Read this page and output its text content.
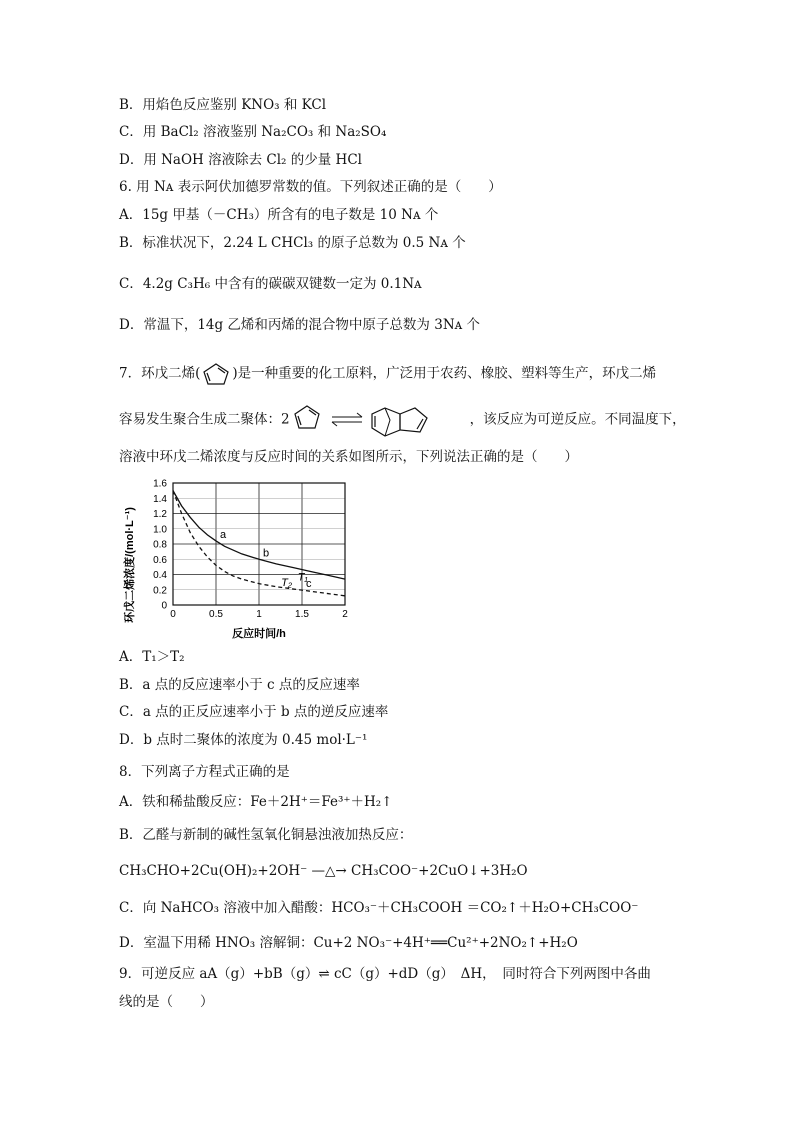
B．用焰色反应鉴别 KNO₃ 和 KCl
C．用 BaCl₂ 溶液鉴别 Na₂CO₃ 和 Na₂SO₄
D．用 NaOH 溶液除去 Cl₂ 的少量 HCl
6. 用 Nᴀ 表示阿伏加德罗常数的值。下列叙述正确的是（　　）
A．15g 甲基（－CH₃）所含有的电子数是 10 Nᴀ 个
B．标准状况下，2.24 L CHCl₃ 的原子总数为 0.5 Nᴀ 个
C．4.2g C₃H₆ 中含有的碳碳双键数一定为 0.1Nᴀ
D．常温下，14g 乙烯和丙烯的混合物中原子总数为 3Nᴀ 个
7．环戊二烯( )是一种重要的化工原料，广泛用于农药、橡胶、塑料等生产，环戊二烯
容易发生聚合生成二聚体：2	，该反应为可逆反应。不同温度下，
溶液中环戊二烯浓度与反应时间的关系如图所示，下列说法正确的是（　　）
0	0.5	1	1.5	2
0
0.2
0.4
0.6
0.8
1.0
1.2
1.4
1.6
a
b
c
T₁
T₂
环戊二烯浓度/(mol·L⁻¹)
反应时间/h
A．T₁＞T₂
B．a 点的反应速率小于 c 点的反应速率
C．a 点的正反应速率小于 b 点的逆反应速率
D．b 点时二聚体的浓度为 0.45 mol·L⁻¹
8．下列离子方程式正确的是
A．铁和稀盐酸反应：Fe＋2H⁺＝Fe³⁺＋H₂↑
B．乙醛与新制的碱性氢氧化铜悬浊液加热反应：
CH₃CHO+2Cu(OH)₂+2OH⁻ —△→ CH₃COO⁻+2CuO↓+3H₂O
C．向 NaHCO₃ 溶液中加入醋酸：HCO₃⁻＋CH₃COOH ＝CO₂↑＋H₂O+CH₃COO⁻
D．室温下用稀 HNO₃ 溶解铜：Cu+2 NO₃⁻+4H⁺══Cu²⁺+2NO₂↑+H₂O
9．可逆反应 aA（g）+bB（g）⇌ cC（g）+dD（g）　ΔH，　同时符合下列两图中各曲
线的是（　　）
